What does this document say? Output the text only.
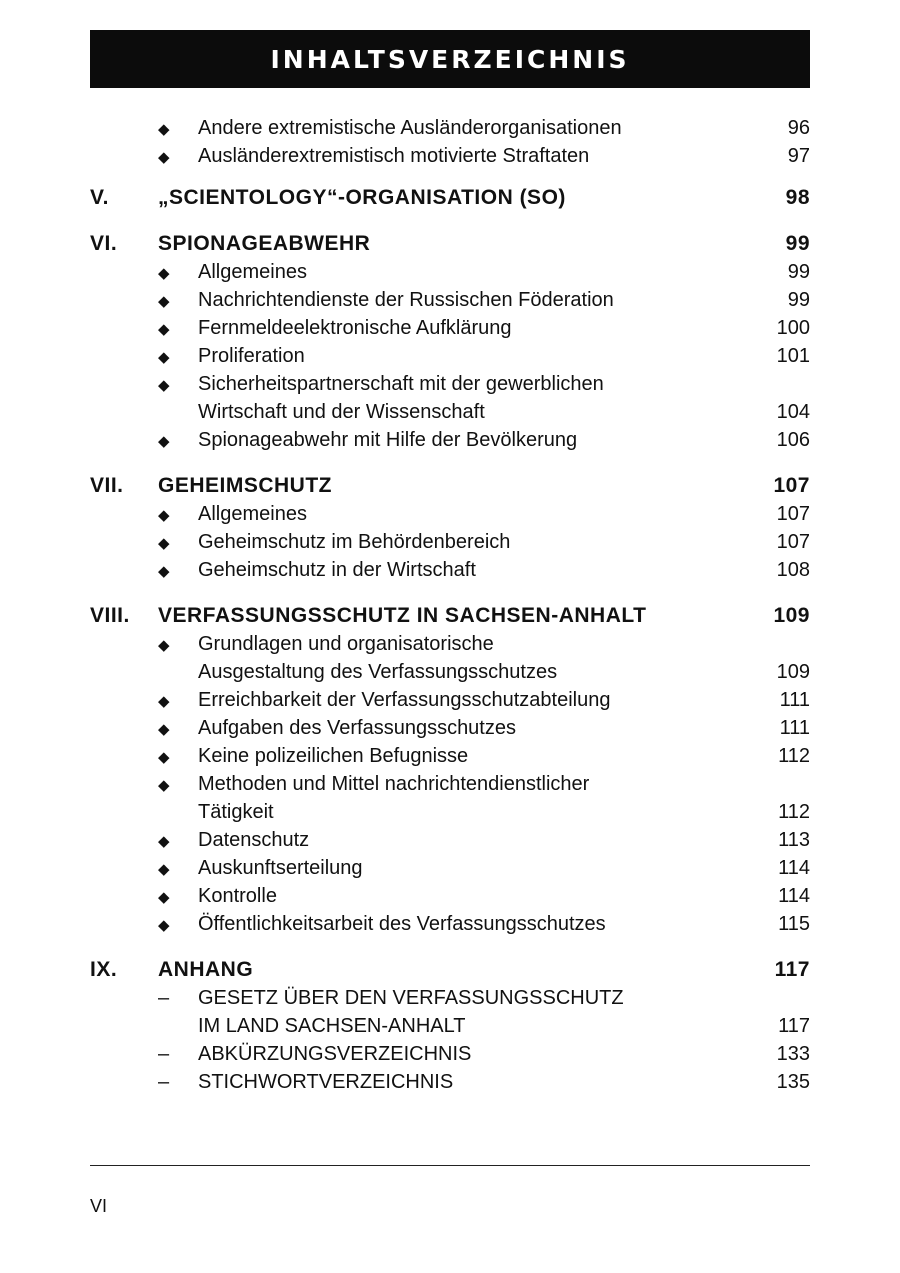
INHALTSVERZEICHNIS
◆	Andere extremistische Ausländerorganisationen	96
◆	Ausländerextremistisch motivierte Straftaten	97
V.	„SCIENTOLOGY“-ORGANISATION (SO)	98
VI.	SPIONAGEABWEHR	99
◆	Allgemeines	99
◆	Nachrichtendienste der Russischen Föderation	99
◆	Fernmeldeelektronische Aufklärung	100
◆	Proliferation	101
◆	Sicherheitspartnerschaft mit der gewerblichen
Wirtschaft und der Wissenschaft	104
◆	Spionageabwehr mit Hilfe der Bevölkerung	106
VII.	GEHEIMSCHUTZ	107
◆	Allgemeines	107
◆	Geheimschutz im Behördenbereich	107
◆	Geheimschutz in der Wirtschaft	108
VIII.	VERFASSUNGSSCHUTZ IN SACHSEN-ANHALT	109
◆	Grundlagen und organisatorische
Ausgestaltung des Verfassungsschutzes	109
◆	Erreichbarkeit der Verfassungsschutzabteilung	111
◆	Aufgaben des Verfassungsschutzes	111
◆	Keine polizeilichen Befugnisse	112
◆	Methoden und Mittel nachrichtendienstlicher
Tätigkeit	112
◆	Datenschutz	113
◆	Auskunftserteilung	114
◆	Kontrolle	114
◆	Öffentlichkeitsarbeit des Verfassungsschutzes	115
IX.	ANHANG	117
–	GESETZ ÜBER DEN VERFASSUNGSSCHUTZ
IM LAND SACHSEN-ANHALT	117
–	ABKÜRZUNGSVERZEICHNIS	133
–	STICHWORTVERZEICHNIS	135
VI
